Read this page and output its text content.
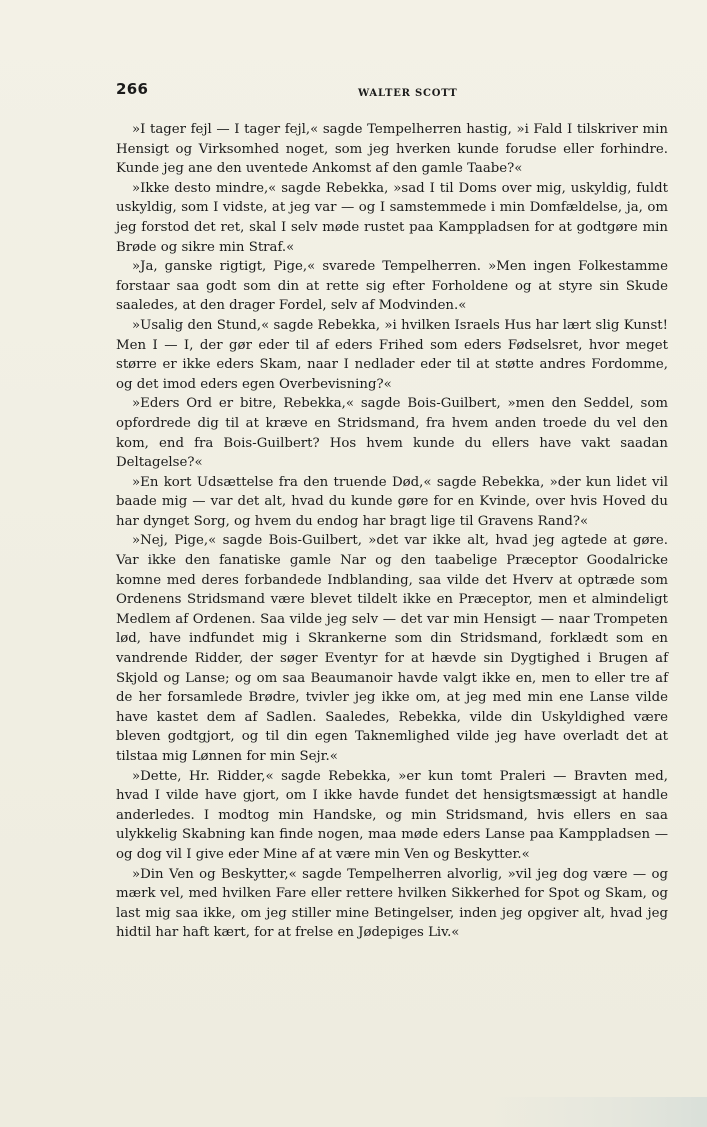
266	WALTER SCOTT

»I tager fejl — I tager fejl,« sagde Tempelherren hastig, »i Fald I tilskriver min Hensigt og Virksomhed noget, som jeg hverken kunde forudse eller forhindre. Kunde jeg ane den uventede Ankomst af den gamle Taabe?«

»Ikke desto mindre,« sagde Rebekka, »sad I til Doms over mig, uskyldig, fuldt uskyldig, som I vidste, at jeg var — og I samstemmede i min Domfældelse, ja, om jeg forstod det ret, skal I selv møde rustet paa Kamppladsen for at godtgøre min Brøde og sikre min Straf.«

»Ja, ganske rigtigt, Pige,« svarede Tempelherren. »Men ingen Folkestamme forstaar saa godt som din at rette sig efter Forholdene og at styre sin Skude saaledes, at den drager Fordel, selv af Modvinden.«

»Usalig den Stund,« sagde Rebekka, »i hvilken Israels Hus har lært slig Kunst! Men I — I, der gør eder til af eders Frihed som eders Fødselsret, hvor meget større er ikke eders Skam, naar I nedlader eder til at støtte andres Fordomme, og det imod eders egen Overbevisning?«

»Eders Ord er bitre, Rebekka,« sagde Bois-Guilbert, »men den Seddel, som opfordrede dig til at kræve en Stridsmand, fra hvem anden troede du vel den kom, end fra Bois-Guilbert? Hos hvem kunde du ellers have vakt saadan Deltagelse?«

»En kort Udsættelse fra den truende Død,« sagde Rebekka, »der kun lidet vil baade mig — var det alt, hvad du kunde gøre for en Kvinde, over hvis Hoved du har dynget Sorg, og hvem du endog har bragt lige til Gravens Rand?«

»Nej, Pige,« sagde Bois-Guilbert, »det var ikke alt, hvad jeg agtede at gøre. Var ikke den fanatiske gamle Nar og den taabelige Præceptor Goodalricke komne med deres forbandede Indblanding, saa vilde det Hverv at optræde som Ordenens Stridsmand være blevet tildelt ikke en Præceptor, men et almindeligt Medlem af Ordenen. Saa vilde jeg selv — det var min Hensigt — naar Trompeten lød, have indfundet mig i Skrankerne som din Stridsmand, forklædt som en vandrende Ridder, der søger Eventyr for at hævde sin Dygtighed i Brugen af Skjold og Lanse; og om saa Beaumanoir havde valgt ikke en, men to eller tre af de her forsamlede Brødre, tvivler jeg ikke om, at jeg med min ene Lanse vilde have kastet dem af Sadlen. Saaledes, Rebekka, vilde din Uskyldighed være bleven godtgjort, og til din egen Taknemlighed vilde jeg have overladt det at tilstaa mig Lønnen for min Sejr.«

»Dette, Hr. Ridder,« sagde Rebekka, »er kun tomt Praleri — Bravten med, hvad I vilde have gjort, om I ikke havde fundet det hensigtsmæssigt at handle anderledes. I modtog min Handske, og min Stridsmand, hvis ellers en saa ulykkelig Skabning kan finde nogen, maa møde eders Lanse paa Kamppladsen — og dog vil I give eder Mine af at være min Ven og Beskytter.«

»Din Ven og Beskytter,« sagde Tempelherren alvorlig, »vil jeg dog være — og mærk vel, med hvilken Fare eller rettere hvilken Sikkerhed for Spot og Skam, og last mig saa ikke, om jeg stiller mine Betingelser, inden jeg opgiver alt, hvad jeg hidtil har haft kært, for at frelse en Jødepiges Liv.«
